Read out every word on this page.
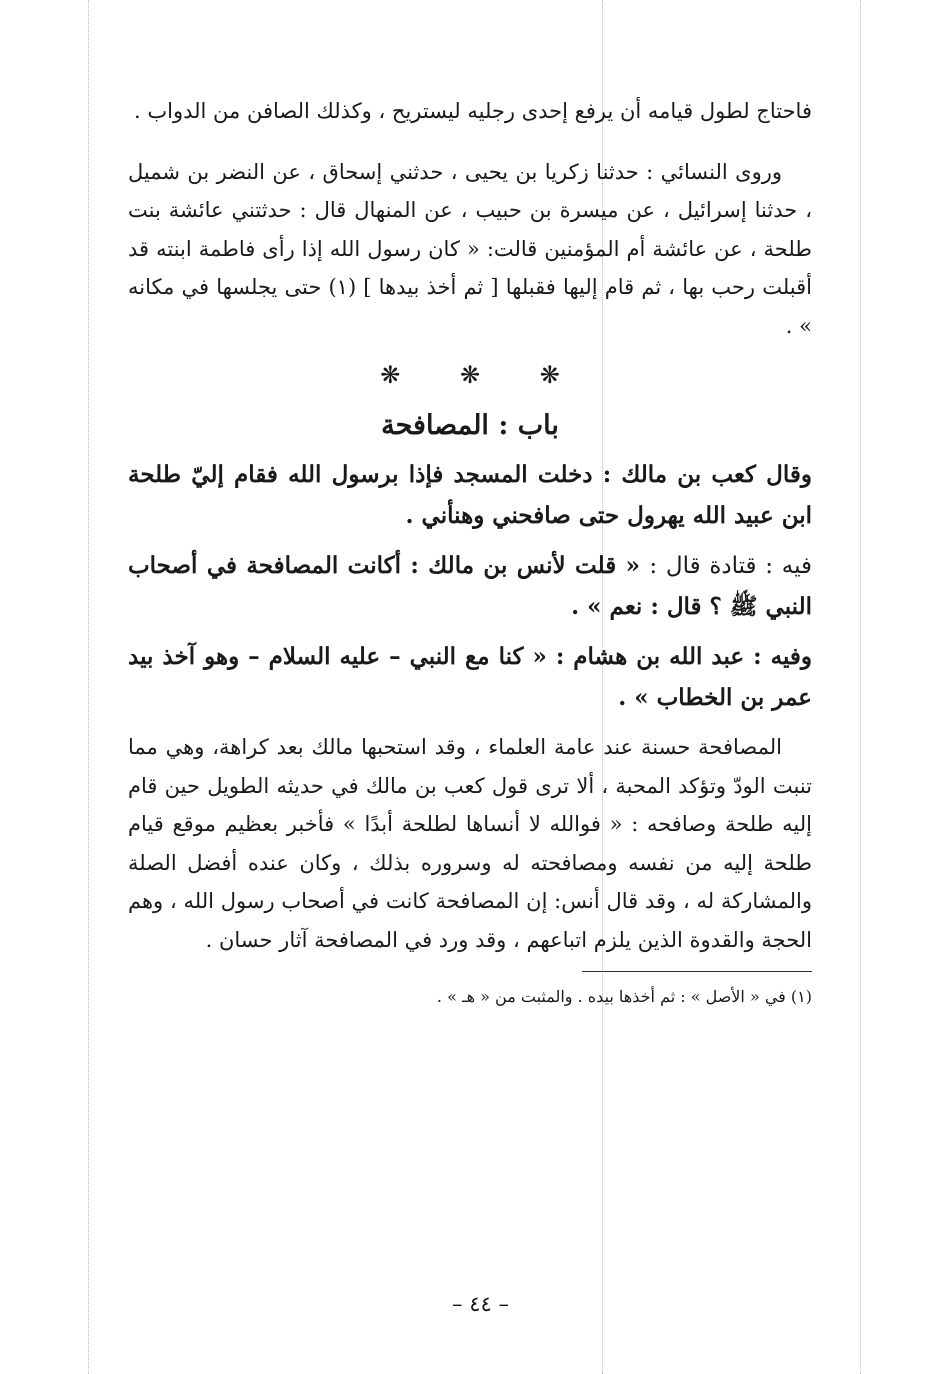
فاحتاج لطول قيامه أن يرفع إحدى رجليه ليستريح ، وكذلك الصافن من الدواب .

وروى النسائي : حدثنا زكريا بن يحيى ، حدثني إسحاق ، عن النضر بن شميل ، حدثنا إسرائيل ، عن ميسرة بن حبيب ، عن المنهال قال : حدثتني عائشة بنت طلحة ، عن عائشة أم المؤمنين قالت: « كان رسول الله إذا رأى فاطمة ابنته قد أقبلت رحب بها ، ثم قام إليها فقبلها [ ثم أخذ بيدها ] (١) حتى يجلسها في مكانه » .

❋ ❋ ❋
باب : المصافحة

وقال كعب بن مالك : دخلت المسجد فإذا برسول الله فقام إليّ طلحة ابن عبيد الله يهرول حتى صافحني وهنأني .

فيه : قتادة قال : « قلت لأنس بن مالك : أكانت المصافحة في أصحاب النبي ﷺ ؟ قال : نعم » .

وفيه : عبد الله بن هشام : « كنا مع النبي – عليه السلام – وهو آخذ بيد عمر بن الخطاب » .

المصافحة حسنة عند عامة العلماء ، وقد استحبها مالك بعد كراهة، وهي مما تنبت الودّ وتؤكد المحبة ، ألا ترى قول كعب بن مالك في حديثه الطويل حين قام إليه طلحة وصافحه : « فوالله لا أنساها لطلحة أبدًا » فأخبر بعظيم موقع قيام طلحة إليه من نفسه ومصافحته له وسروره بذلك ، وكان عنده أفضل الصلة والمشاركة له ، وقد قال أنس: إن المصافحة كانت في أصحاب رسول الله ، وهم الحجة والقدوة الذين يلزم اتباعهم ، وقد ورد في المصافحة آثار حسان .

(١) في « الأصل » : ثم أخذها بيده . والمثبت من « هـ » .

– ٤٤ –
